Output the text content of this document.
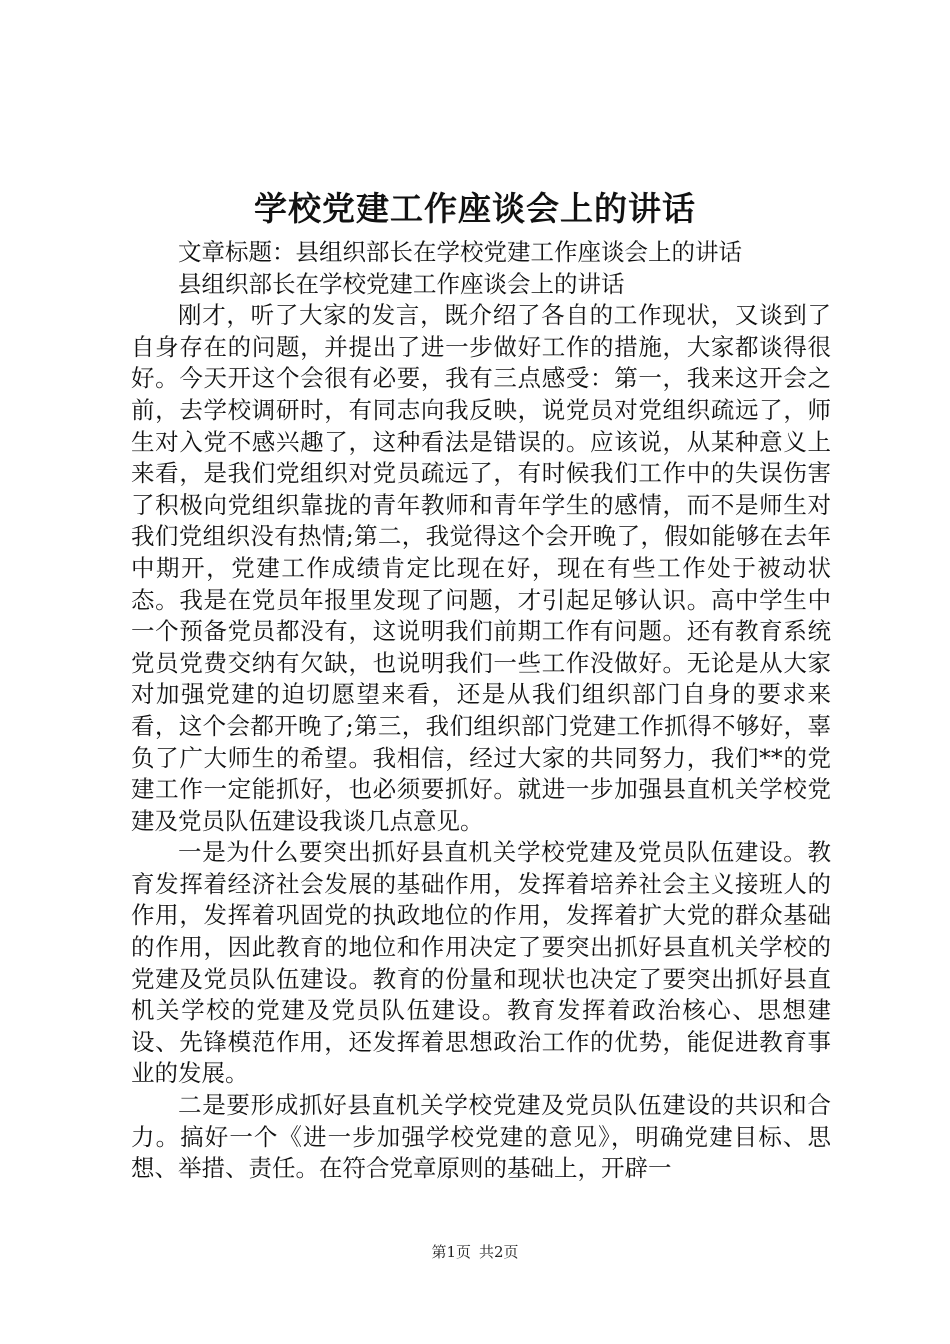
学校党建工作座谈会上的讲话

文章标题：县组织部长在学校党建工作座谈会上的讲话

县组织部长在学校党建工作座谈会上的讲话

刚才，听了大家的发言，既介绍了各自的工作现状，又谈到了自身存在的问题，并提出了进一步做好工作的措施，大家都谈得很好。今天开这个会很有必要，我有三点感受：第一，我来这开会之前，去学校调研时，有同志向我反映，说党员对党组织疏远了，师生对入党不感兴趣了，这种看法是错误的。应该说，从某种意义上来看，是我们党组织对党员疏远了，有时候我们工作中的失误伤害了积极向党组织靠拢的青年教师和青年学生的感情，而不是师生对我们党组织没有热情;第二，我觉得这个会开晚了，假如能够在去年中期开，党建工作成绩肯定比现在好，现在有些工作处于被动状态。我是在党员年报里发现了问题，才引起足够认识。高中学生中一个预备党员都没有，这说明我们前期工作有问题。还有教育系统党员党费交纳有欠缺，也说明我们一些工作没做好。无论是从大家对加强党建的迫切愿望来看，还是从我们组织部门自身的要求来看，这个会都开晚了;第三，我们组织部门党建工作抓得不够好，辜负了广大师生的希望。我相信，经过大家的共同努力，我们**的党建工作一定能抓好，也必须要抓好。就进一步加强县直机关学校党建及党员队伍建设我谈几点意见。

一是为什么要突出抓好县直机关学校党建及党员队伍建设。教育发挥着经济社会发展的基础作用，发挥着培养社会主义接班人的作用，发挥着巩固党的执政地位的作用，发挥着扩大党的群众基础的作用，因此教育的地位和作用决定了要突出抓好县直机关学校的党建及党员队伍建设。教育的份量和现状也决定了要突出抓好县直机关学校的党建及党员队伍建设。教育发挥着政治核心、思想建设、先锋模范作用，还发挥着思想政治工作的优势，能促进教育事业的发展。

二是要形成抓好县直机关学校党建及党员队伍建设的共识和合力。搞好一个《进一步加强学校党建的意见》，明确党建目标、思想、举措、责任。在符合党章原则的基础上，开辟一

第1页 共2页
